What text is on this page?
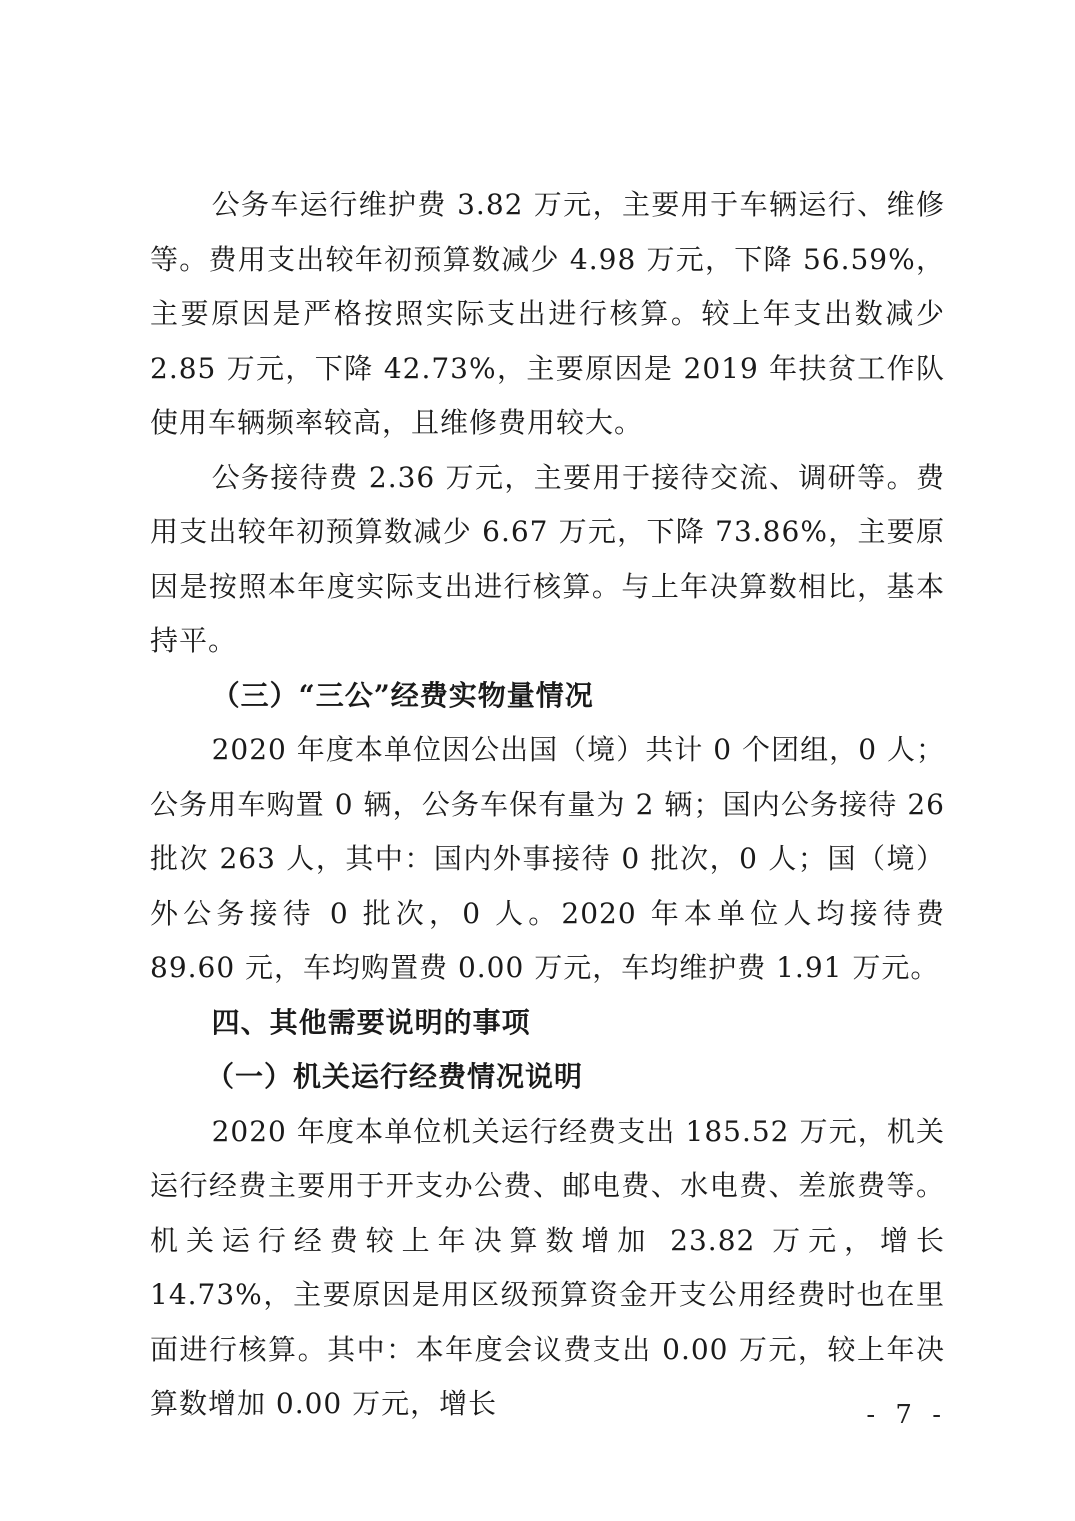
公务车运行维护费 3.82 万元，主要用于车辆运行、维修等。费用支出较年初预算数减少 4.98 万元，下降 56.59%，主要原因是严格按照实际支出进行核算。较上年支出数减少 2.85 万元，下降 42.73%，主要原因是 2019 年扶贫工作队使用车辆频率较高，且维修费用较大。

公务接待费 2.36 万元，主要用于接待交流、调研等。费用支出较年初预算数减少 6.67 万元，下降 73.86%，主要原因是按照本年度实际支出进行核算。与上年决算数相比，基本持平。

（三）“三公”经费实物量情况

2020 年度本单位因公出国（境）共计 0 个团组，0 人；公务用车购置 0 辆，公务车保有量为 2 辆；国内公务接待 26 批次 263 人，其中：国内外事接待 0 批次，0 人；国（境）外公务接待 0 批次，0 人。2020 年本单位人均接待费 89.60 元，车均购置费 0.00 万元，车均维护费 1.91 万元。

四、其他需要说明的事项

（一）机关运行经费情况说明

2020 年度本单位机关运行经费支出 185.52 万元，机关运行经费主要用于开支办公费、邮电费、水电费、差旅费等。机关运行经费较上年决算数增加 23.82 万元，增长 14.73%，主要原因是用区级预算资金开支公用经费时也在里面进行核算。其中：本年度会议费支出 0.00 万元，较上年决算数增加 0.00 万元，增长	- 7 -
